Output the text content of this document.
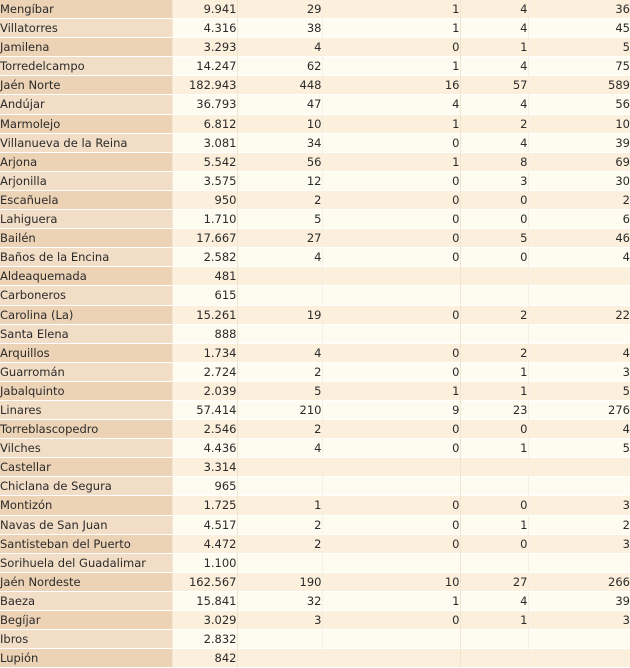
Mengíbar	9.941	29	1	4	36
Villatorres	4.316	38	1	4	45
Jamilena	3.293	4	0	1	5
Torredelcampo	14.247	62	1	4	75
Jaén Norte	182.943	448	16	57	589
Andújar	36.793	47	4	4	56
Marmolejo	6.812	10	1	2	10
Villanueva de la Reina	3.081	34	0	4	39
Arjona	5.542	56	1	8	69
Arjonilla	3.575	12	0	3	30
Escañuela	950	2	0	0	2
Lahiguera	1.710	5	0	0	6
Bailén	17.667	27	0	5	46
Baños de la Encina	2.582	4	0	0	4
Aldeaquemada	481				
Carboneros	615				
Carolina (La)	15.261	19	0	2	22
Santa Elena	888				
Arquillos	1.734	4	0	2	4
Guarromán	2.724	2	0	1	3
Jabalquinto	2.039	5	1	1	5
Linares	57.414	210	9	23	276
Torreblascopedro	2.546	2	0	0	4
Vilches	4.436	4	0	1	5
Castellar	3.314				
Chiclana de Segura	965				
Montizón	1.725	1	0	0	3
Navas de San Juan	4.517	2	0	1	2
Santisteban del Puerto	4.472	2	0	0	3
Sorihuela del Guadalimar	1.100				
Jaén Nordeste	162.567	190	10	27	266
Baeza	15.841	32	1	4	39
Begíjar	3.029	3	0	1	3
Ibros	2.832				
Lupión	842				
